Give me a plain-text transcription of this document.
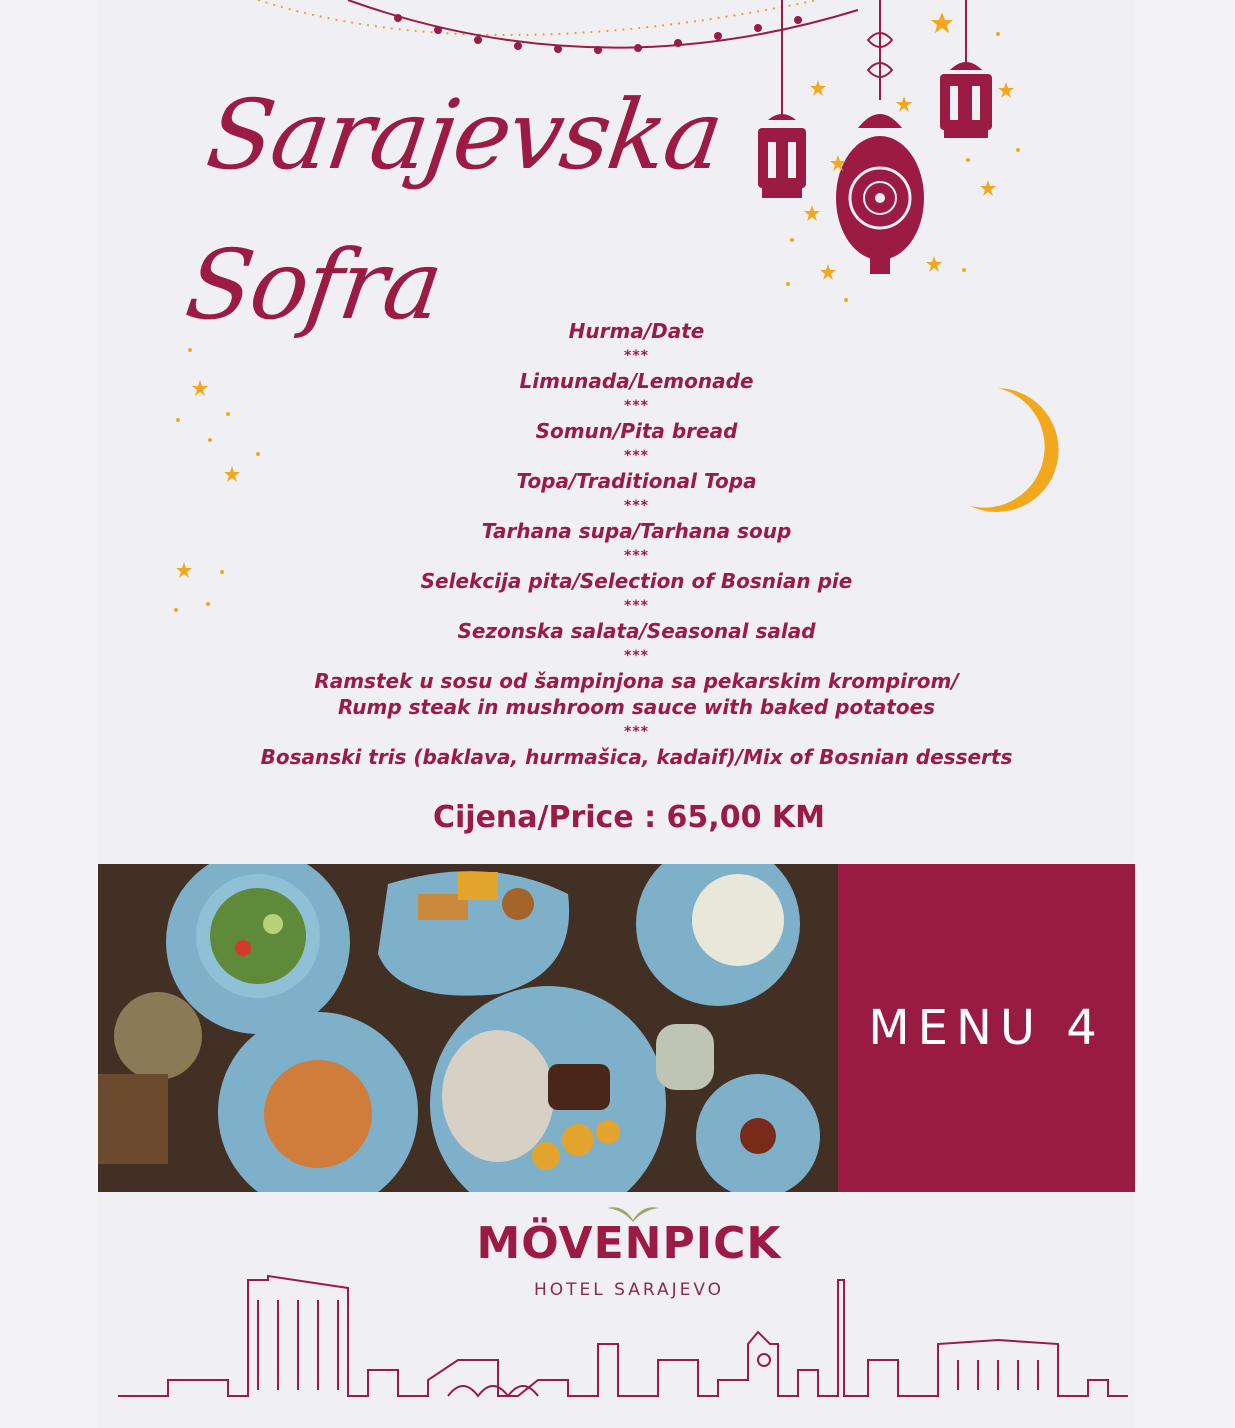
Sarajevska
Sofra	Hurma/Date
***
Limunada/Lemonade
***
Somun/Pita bread
***
Topa/Traditional Topa
***
Tarhana supa/Tarhana soup
***
Selekcija pita/Selection of Bosnian pie
***
Sezonska salata/Seasonal salad
***
Ramstek u sosu od šampinjona sa pekarskim krompirom/
Rump steak in mushroom sauce with baked potatoes
***
Bosanski tris (baklava, hurmašica, kadaif)/Mix of Bosnian desserts
Cijena/Price : 65,00 KM
MENU 4
MÖVENPICK
HOTEL SARAJEVO
